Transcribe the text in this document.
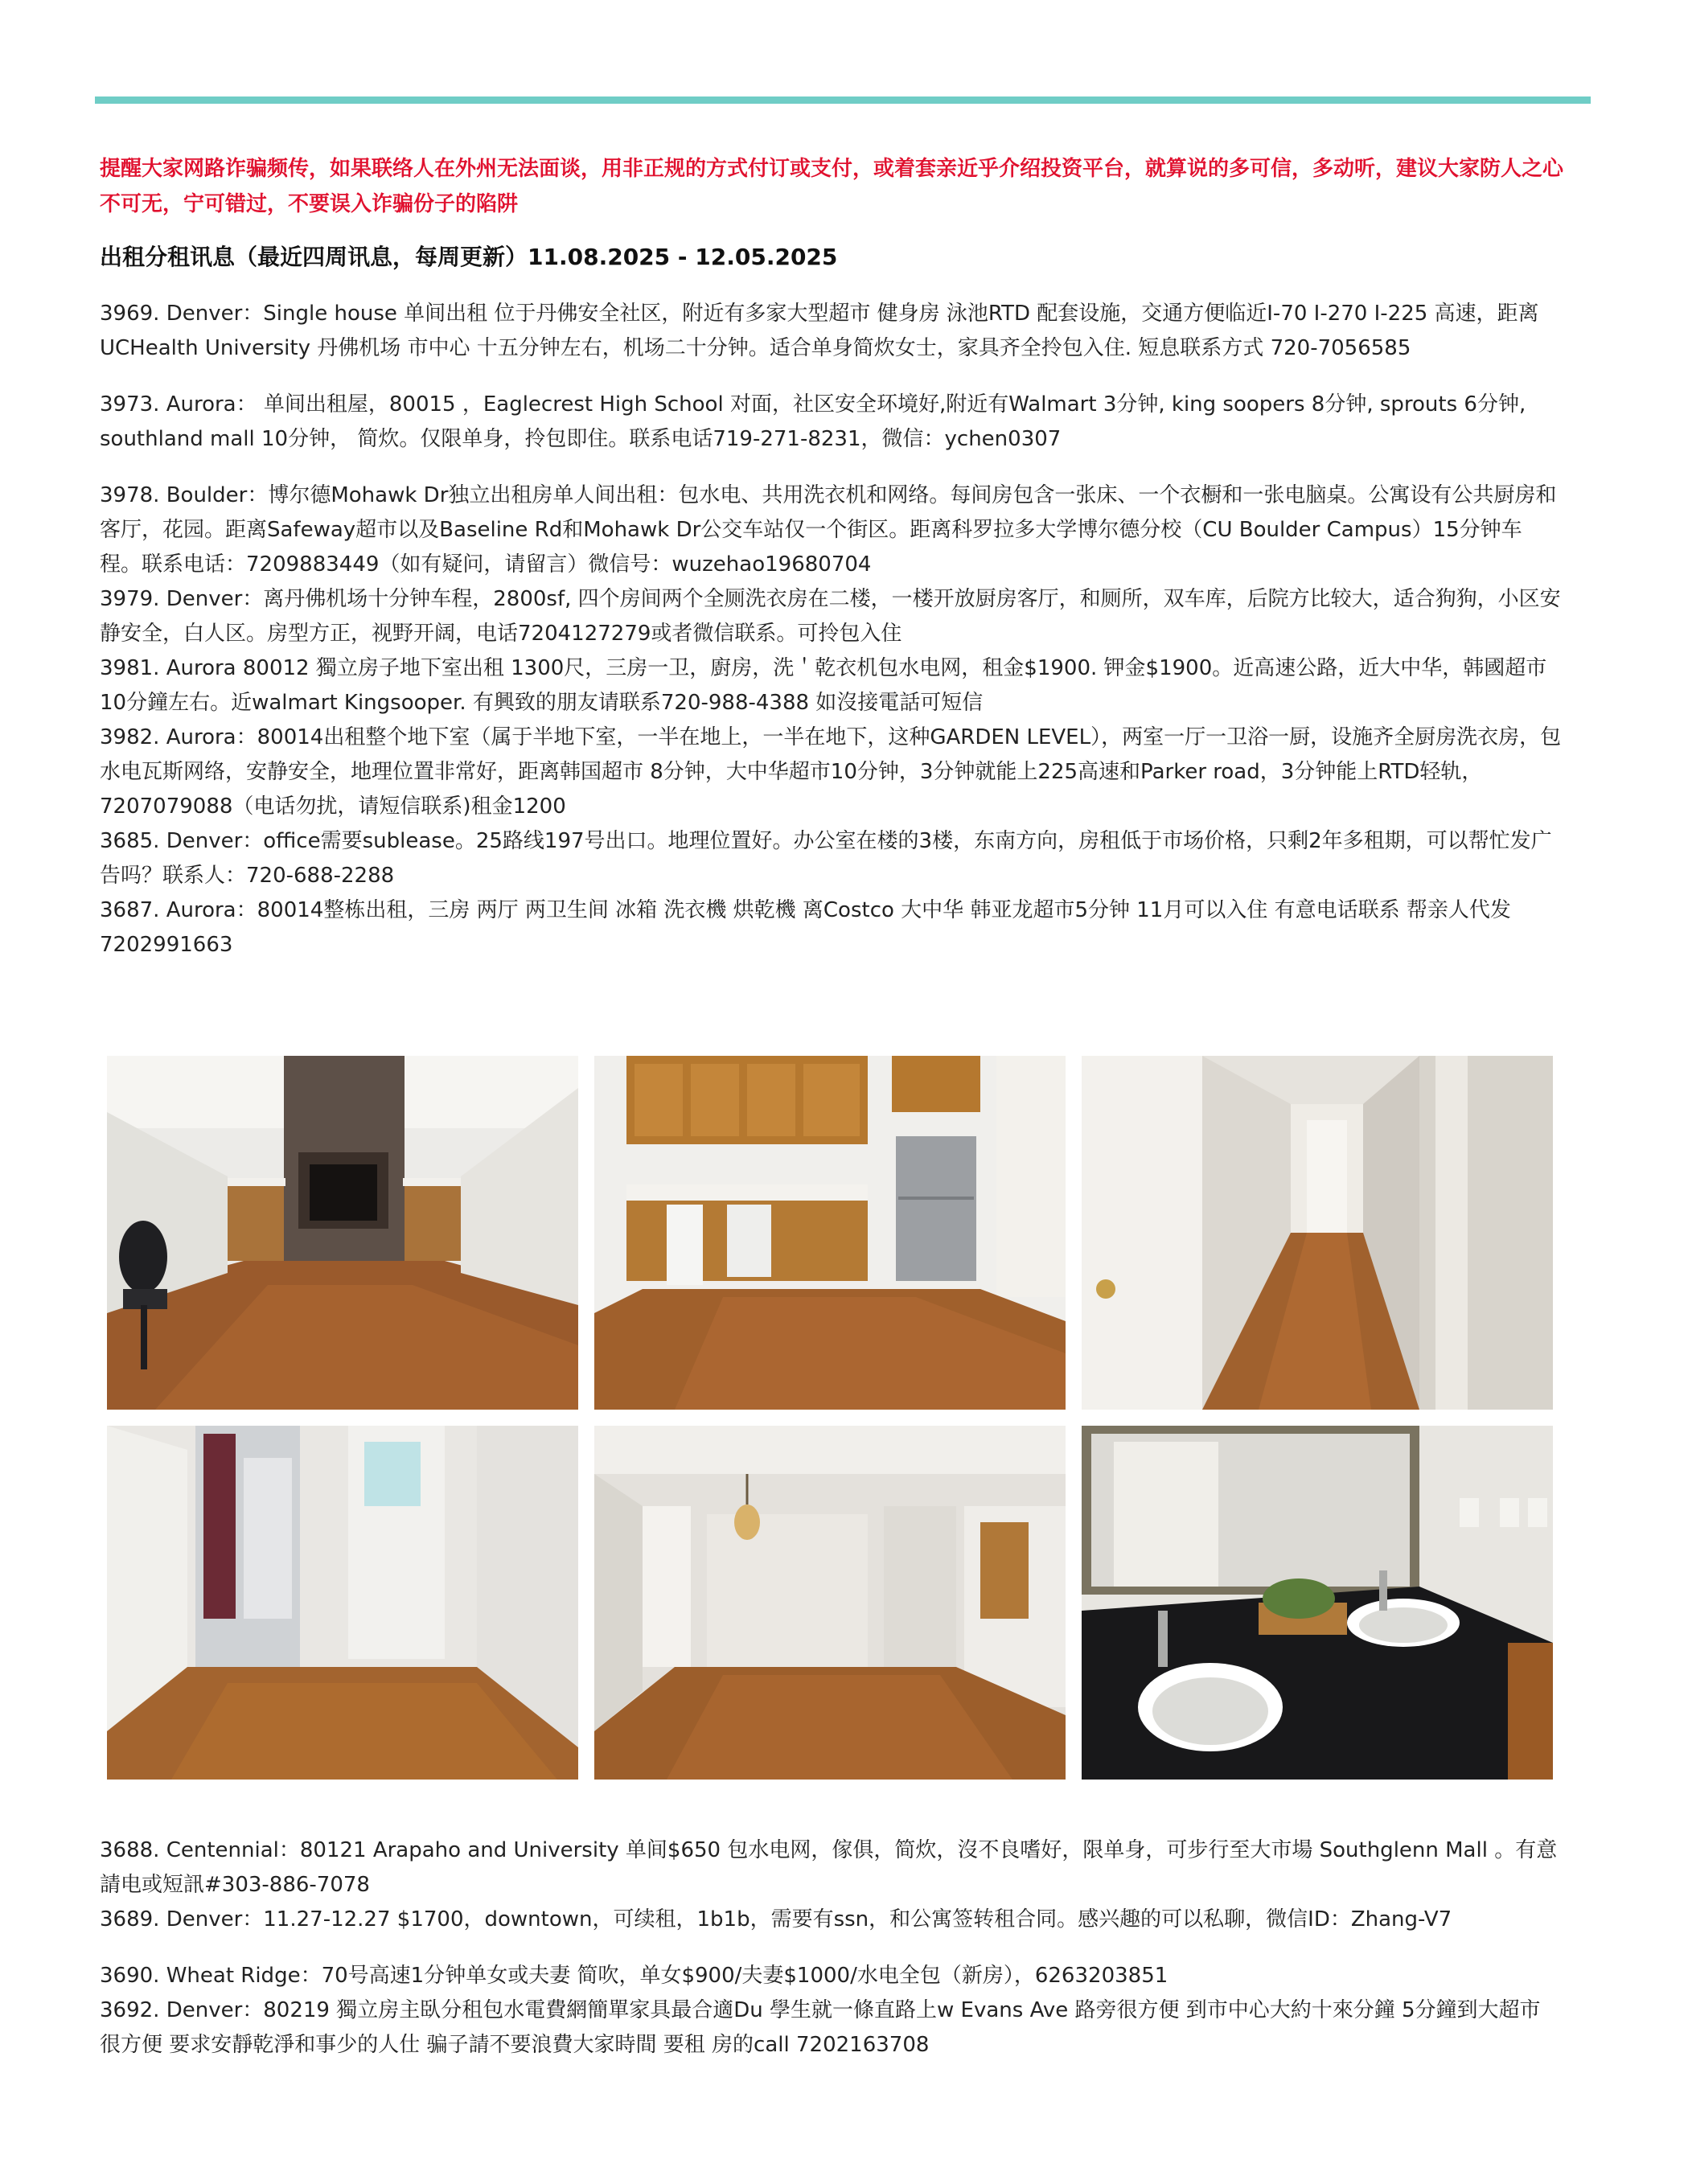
提醒大家网路诈骗频传，如果联络人在外州无法面谈，用非正规的方式付订或支付，或着套亲近乎介绍投资平台，就算说的多可信，多动听，建议大家防人之心不可无，宁可错过，不要误入诈骗份子的陷阱

出租分租讯息（最近四周讯息，每周更新）11.08.2025 - 12.05.2025

3969. Denver：Single house 单间出租 位于丹佛安全社区，附近有多家大型超市 健身房 泳池RTD 配套设施，交通方便临近I-70 I-270 I-225 高速，距离UCHealth University 丹佛机场 市中心 十五分钟左右，机场二十分钟。适合单身简炊女士，家具齐全拎包入住. 短息联系方式 720-7056585

3973. Aurora： 单间出租屋，80015 ，Eaglecrest High School 对面，社区安全环境好,附近有Walmart 3分钟, king soopers 8分钟, sprouts 6分钟, southland mall 10分钟， 简炊。仅限单身，拎包即住。联系电话719-271-8231，微信：ychen0307

3978. Boulder：博尔德Mohawk Dr独立出租房单人间出租：包水电、共用洗衣机和网络。每间房包含一张床、一个衣橱和一张电脑桌。公寓设有公共厨房和客厅，花园。距离Safeway超市以及Baseline Rd和Mohawk Dr公交车站仅一个街区。距离科罗拉多大学博尔德分校（CU Boulder Campus）15分钟车程。联系电话：7209883449（如有疑问，请留言）微信号：wuzehao19680704

3979. Denver：离丹佛机场十分钟车程，2800sf, 四个房间两个全厕洗衣房在二楼，一楼开放厨房客厅，和厕所，双车库，后院方比较大，适合狗狗，小区安静安全，白人区。房型方正，视野开阔，电话7204127279或者微信联系。可拎包入住

3981. Aurora 80012 獨立房子地下室出租 1300尺，三房一卫，廚房，洗＇乾衣机包水电网，租金$1900. 钾金$1900。近高速公路，近大中华，韩國超市10分鐘左右。近walmart Kingsooper. 有興致的朋友请联系720-988-4388 如沒接電話可短信

3982. Aurora：80014出租整个地下室（属于半地下室，一半在地上，一半在地下，这种GARDEN LEVEL），两室一厅一卫浴一厨，设施齐全厨房洗衣房，包水电瓦斯网络，安静安全，地理位置非常好，距离韩国超市 8分钟，大中华超市10分钟，3分钟就能上225高速和Parker road，3分钟能上RTD轻轨，7207079088（电话勿扰，请短信联系)租金1200

3685. Denver：office需要sublease。25路线197号出口。地理位置好。办公室在楼的3楼，东南方向，房租低于市场价格，只剩2年多租期，可以帮忙发广告吗？联系人：720-688-2288

3687. Aurora：80014整栋出租，三房 两厅 两卫生间 冰箱 洗衣機 烘乾機 离Costco 大中华 韩亚龙超市5分钟 11月可以入住 有意电话联系 帮亲人代发7202991663

3688. Centennial：80121 Arapaho and University 单间$650 包水电网，傢俱，简炊，沒不良嗜好，限单身，可步行至大市場 Southglenn Mall 。有意請电或短訊#303-886-7078

3689. Denver：11.27-12.27 $1700，downtown，可续租，1b1b，需要有ssn，和公寓签转租合同。感兴趣的可以私聊，微信ID：Zhang-V7

3690. Wheat Ridge：70号高速1分钟单女或夫妻 简吹，单女$900/夫妻$1000/水电全包（新房），6263203851

3692. Denver：80219 獨立房主臥分租包水電費網簡單家具最合適Du 學生就一條直路上w Evans Ave 路旁很方便 到市中心大約十來分鐘 5分鐘到大超市 很方便 要求安靜乾淨和事少的人仕 骗子請不要浪費大家時間 要租 房的call 7202163708
